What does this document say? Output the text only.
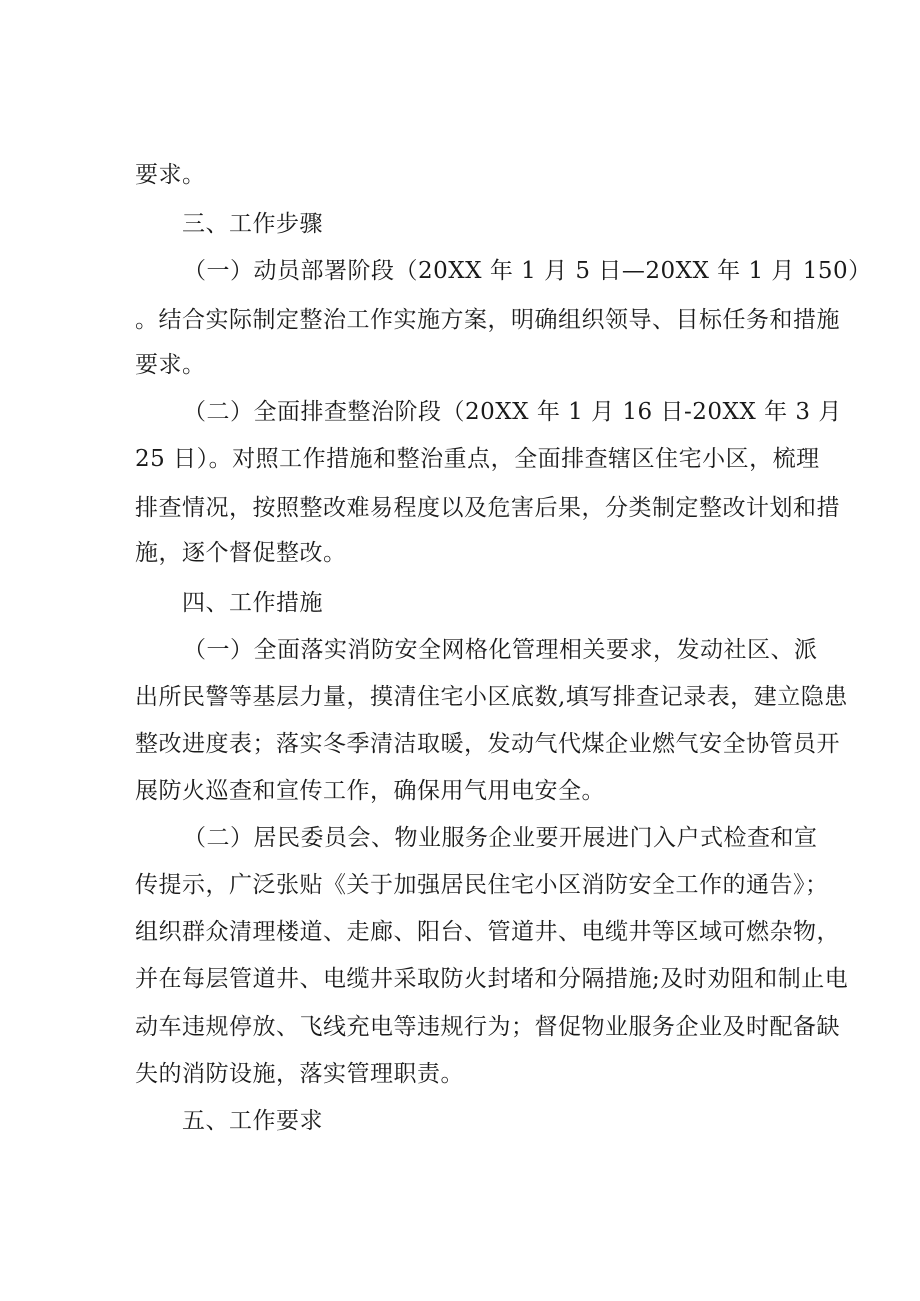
要求。

三、工作步骤

（一）动员部署阶段（20XX 年 1 月 5 日—20XX 年 1 月 150）

。结合实际制定整治工作实施方案，明确组织领导、目标任务和措施

要求。

（二）全面排查整治阶段（20XX 年 1 月 16 日-20XX 年 3 月

25 日）。对照工作措施和整治重点，全面排查辖区住宅小区，梳理

排查情况，按照整改难易程度以及危害后果，分类制定整改计划和措

施，逐个督促整改。

四、工作措施

（一）全面落实消防安全网格化管理相关要求，发动社区、派

出所民警等基层力量，摸清住宅小区底数,填写排查记录表，建立隐患

整改进度表；落实冬季清洁取暖，发动气代煤企业燃气安全协管员开

展防火巡查和宣传工作，确保用气用电安全。

（二）居民委员会、物业服务企业要开展进门入户式检查和宣

传提示，广泛张贴《关于加强居民住宅小区消防安全工作的通告》；

组织群众清理楼道、走廊、阳台、管道井、电缆井等区域可燃杂物，

并在每层管道井、电缆井采取防火封堵和分隔措施;及时劝阻和制止电

动车违规停放、飞线充电等违规行为；督促物业服务企业及时配备缺

失的消防设施，落实管理职责。

五、工作要求
